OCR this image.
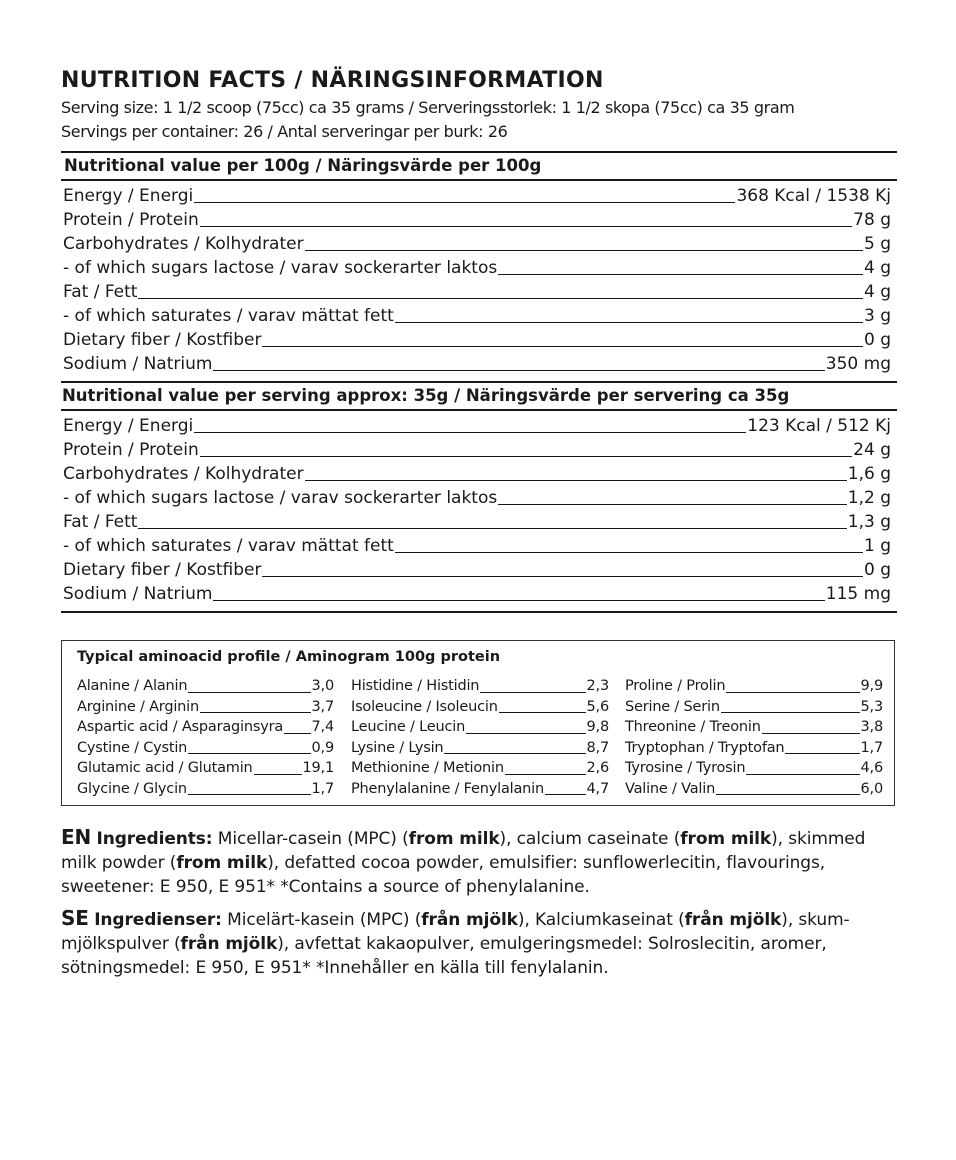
NUTRITION FACTS / NÄRINGSINFORMATION
Serving size: 1 1/2 scoop (75cc) ca 35 grams / Serveringsstorlek: 1 1/2 skopa (75cc) ca 35 gram
Servings per container: 26 / Antal serveringar per burk: 26
Nutritional value per 100g / Näringsvärde per 100g
Energy / Energi	368 Kcal / 1538 Kj
Protein / Protein	78 g
Carbohydrates / Kolhydrater	5 g
- of which sugars lactose / varav sockerarter laktos	4 g
Fat / Fett	4 g
- of which saturates / varav mättat fett	3 g
Dietary fiber / Kostfiber	0 g
Sodium / Natrium	350 mg
Nutritional value per serving approx: 35g / Näringsvärde per servering ca 35g
Energy / Energi	123 Kcal / 512 Kj
Protein / Protein	24 g
Carbohydrates / Kolhydrater	1,6 g
- of which sugars lactose / varav sockerarter laktos	1,2 g
Fat / Fett	1,3 g
- of which saturates / varav mättat fett	1 g
Dietary fiber / Kostfiber	0 g
Sodium / Natrium	115 mg
Typical aminoacid profile / Aminogram 100g protein
Alanine / Alanin	3,0
Arginine / Arginin	3,7
Aspartic acid / Asparaginsyra 7,4
Cystine / Cystin	0,9
Glutamic acid / Glutamin	19,1
Glycine / Glycin	1,7
Histidine / Histidin	2,3
Isoleucine / Isoleucin	5,6
Leucine / Leucin	9,8
Lysine / Lysin	8,7
Methionine / Metionin	2,6
Phenylalanine / Fenylalanin	4,7
Proline / Prolin	9,9
Serine / Serin	5,3
Threonine / Treonin	3,8
Tryptophan / Tryptofan	1,7
Tyrosine / Tyrosin	4,6
Valine / Valin	6,0
EN Ingredients: Micellar-casein (MPC) (from milk), calcium caseinate (from milk), skimmed milk powder (from milk), defatted cocoa powder, emulsifier: sunflowerlecitin, flavourings, sweetener: E 950, E 951* *Contains a source of phenylalanine.
SE Ingredienser: Micelärt-kasein (MPC) (från mjölk), Kalciumkaseinat (från mjölk), skum-mjölkspulver (från mjölk), avfettat kakaopulver, emulgeringsmedel: Solroslecitin, aromer, sötningsmedel: E 950, E 951* *Innehåller en källa till fenylalanin.
